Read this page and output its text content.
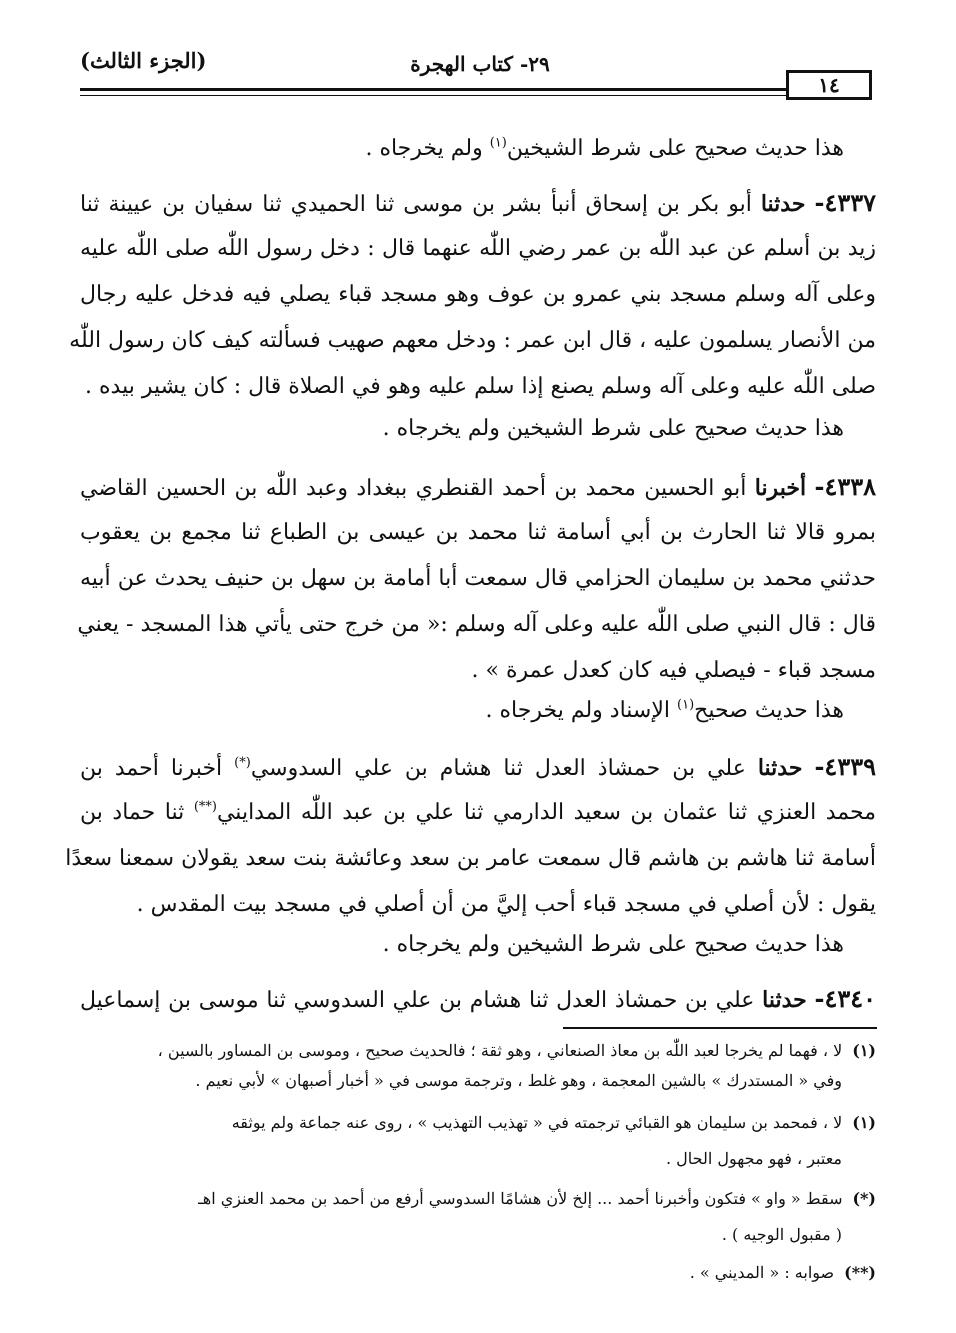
(الجزء الثالث)	٢٩- كتاب الهجرة
١٤
هذا حديث صحيح على شرط الشيخين$^{(١)}$ ولم يخرجاه .
٤٣٣٧- حدثنا أبو بكر بن إسحاق أنبأ بشر بن موسى ثنا الحميدي ثنا سفيان بن عيينة ثنا
زيد بن أسلم عن عبد اللّٰه بن عمر رضي اللّٰه عنهما قال : دخل رسول اللّٰه صلى اللّٰه عليه
وعلى آله وسلم مسجد بني عمرو بن عوف وهو مسجد قباء يصلي فيه فدخل عليه رجال
من الأنصار يسلمون عليه ، قال ابن عمر : ودخل معهم صهيب فسألته كيف كان رسول اللّٰه
صلى اللّٰه عليه وعلى آله وسلم يصنع إذا سلم عليه وهو في الصلاة قال : كان يشير بيده .
هذا حديث صحيح على شرط الشيخين ولم يخرجاه .
٤٣٣٨- أخبرنا أبو الحسين محمد بن أحمد القنطري ببغداد وعبد اللّٰه بن الحسين القاضي
بمرو قالا ثنا الحارث بن أبي أسامة ثنا محمد بن عيسى بن الطباع ثنا مجمع بن يعقوب
حدثني محمد بن سليمان الحزامي قال سمعت أبا أمامة بن سهل بن حنيف يحدث عن أبيه
قال : قال النبي صلى اللّٰه عليه وعلى آله وسلم :« من خرج حتى يأتي هذا المسجد - يعني
مسجد قباء - فيصلي فيه كان كعدل عمرة » .
هذا حديث صحيح$^{(١)}$ الإسناد ولم يخرجاه .
٤٣٣٩- حدثنا علي بن حمشاذ العدل ثنا هشام بن علي السدوسي(*) أخبرنا أحمد بن
محمد العنزي ثنا عثمان بن سعيد الدارمي ثنا علي بن عبد اللّٰه المدايني(**) ثنا حماد بن
أسامة ثنا هاشم بن هاشم قال سمعت عامر بن سعد وعائشة بنت سعد يقولان سمعنا سعدًا
يقول : لأن أصلي في مسجد قباء أحب إليَّ من أن أصلي في مسجد بيت المقدس .
هذا حديث صحيح على شرط الشيخين ولم يخرجاه .
٤٣٤٠- حدثنا علي بن حمشاذ العدل ثنا هشام بن علي السدوسي ثنا موسى بن إسماعيل
(١)لا ، فهما لم يخرجا لعبد اللّٰه بن معاذ الصنعاني ، وهو ثقة ؛ فالحديث صحيح ، وموسى بن المساور بالسين ،
وفي « المستدرك » بالشين المعجمة ، وهو غلط ، وترجمة موسى في « أخبار أصبهان » لأبي نعيم .
(١)لا ، فمحمد بن سليمان هو القبائي ترجمته في « تهذيب التهذيب » ، روى عنه جماعة ولم يوثقه
معتبر ، فهو مجهول الحال .
(*)سقط « واو » فتكون وأخبرنا أحمد ... إلخ لأن هشامًا السدوسي أرفع من أحمد بن محمد العنزي اهـ
( مقبول الوجيه ) .
(**)صوابه : « المديني » .
